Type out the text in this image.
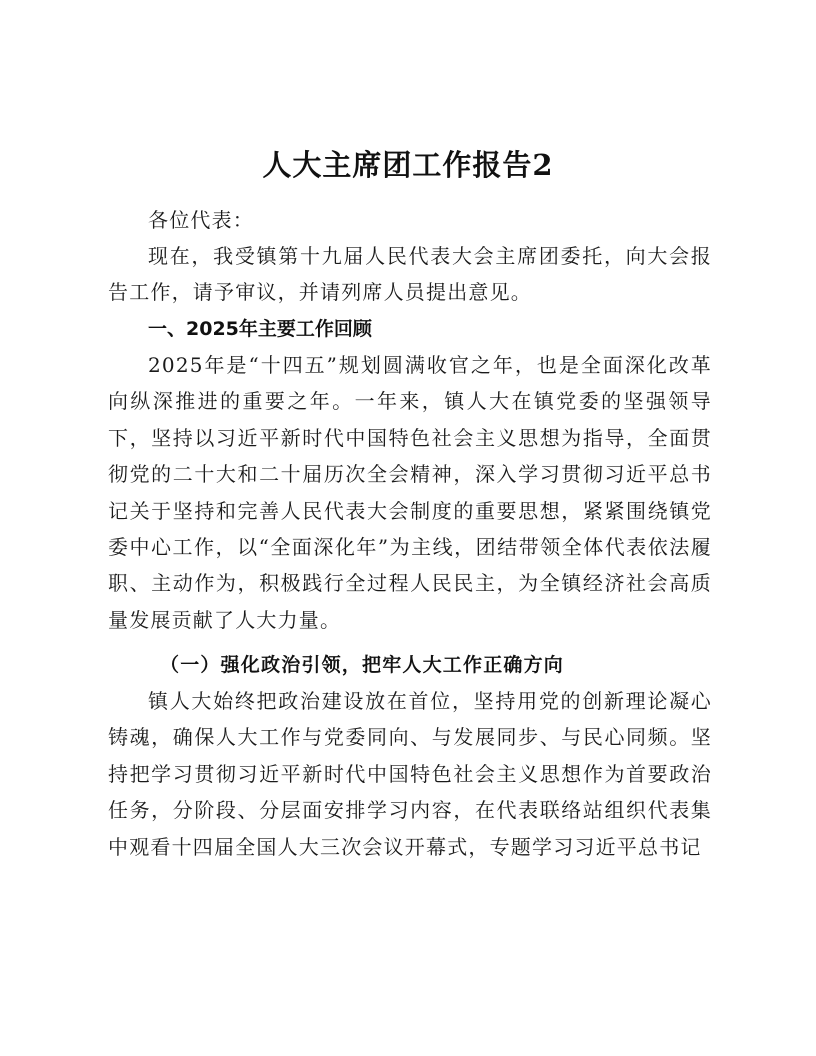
人大主席团工作报告2

各位代表：

现在，我受镇第十九届人民代表大会主席团委托，向大会报告工作，请予审议，并请列席人员提出意见。

一、2025年主要工作回顾

2025年是“十四五”规划圆满收官之年，也是全面深化改革向纵深推进的重要之年。一年来，镇人大在镇党委的坚强领导下，坚持以习近平新时代中国特色社会主义思想为指导，全面贯彻党的二十大和二十届历次全会精神，深入学习贯彻习近平总书记关于坚持和完善人民代表大会制度的重要思想，紧紧围绕镇党委中心工作，以“全面深化年”为主线，团结带领全体代表依法履职、主动作为，积极践行全过程人民民主，为全镇经济社会高质量发展贡献了人大力量。

（一）强化政治引领，把牢人大工作正确方向

镇人大始终把政治建设放在首位，坚持用党的创新理论凝心铸魂，确保人大工作与党委同向、与发展同步、与民心同频。坚持把学习贯彻习近平新时代中国特色社会主义思想作为首要政治任务，分阶段、分层面安排学习内容，在代表联络站组织代表集中观看十四届全国人大三次会议开幕式，专题学习习近平总书记
